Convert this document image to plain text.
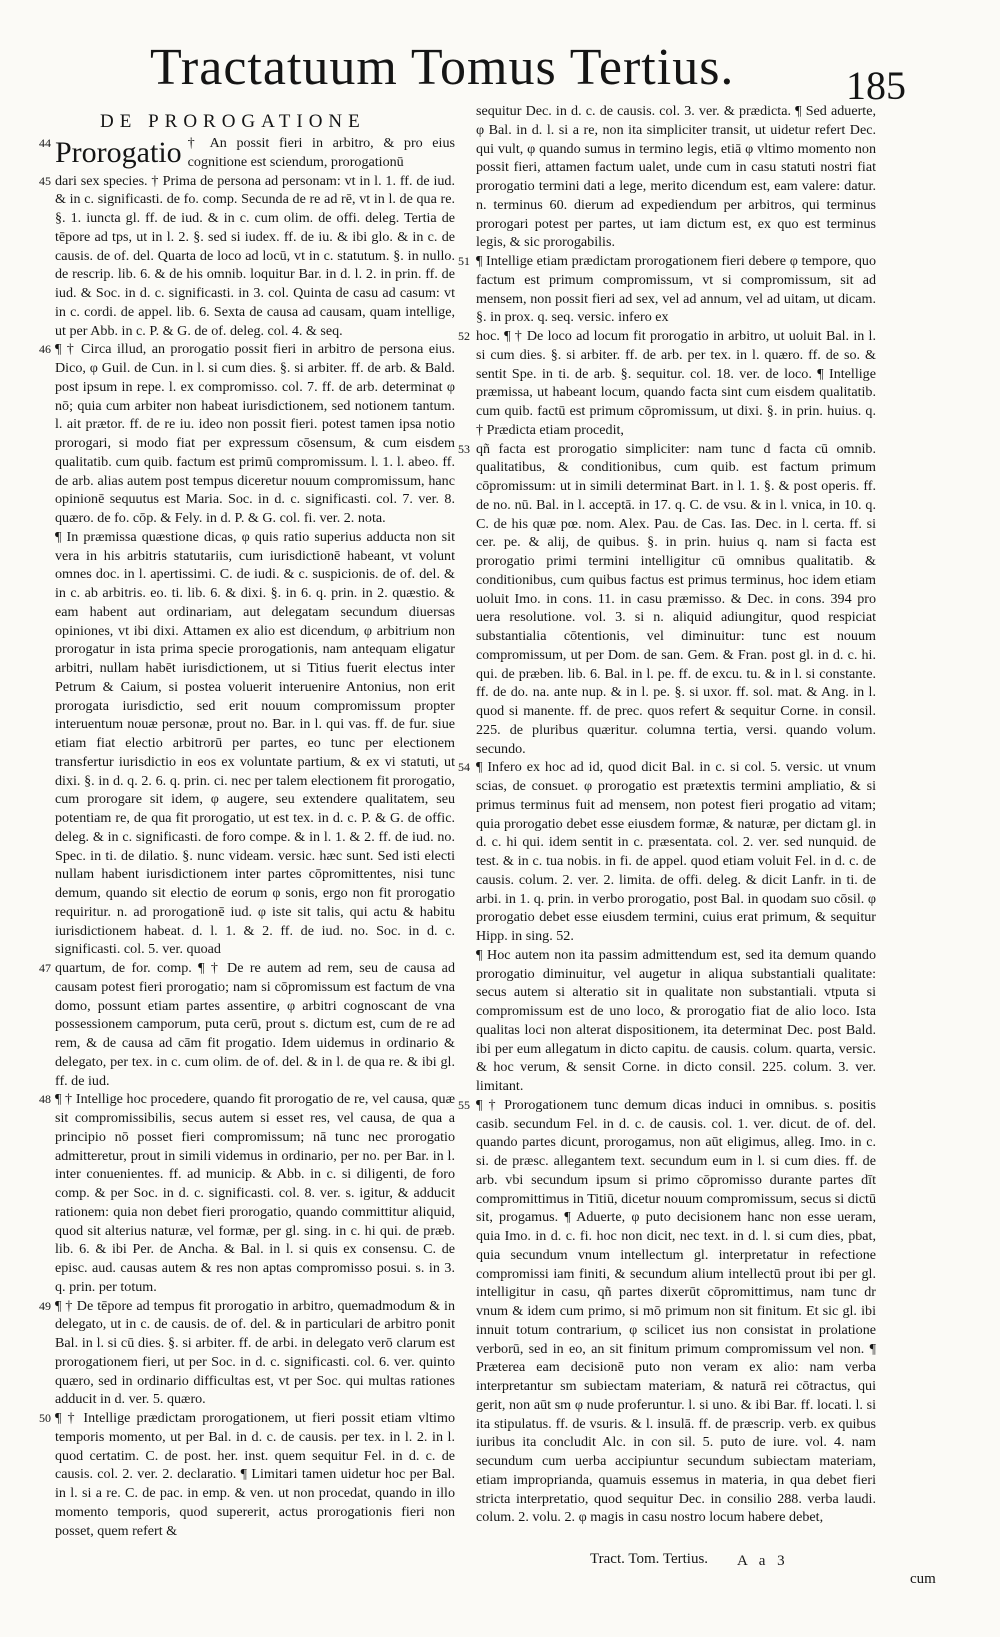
Tractatuum Tomus Tertius.	185
DE PROROGATIONE
Prorogatio

44	† An possit fieri in arbitro, & pro eius cognitione est sciendum, prorogationū

45 dari sex species. † Prima de persona ad personam: vt in l. 1. ff. de iud. & in c. significasti. de fo. comp. Secunda de re ad rē, vt in l. de qua re. §. 1. iuncta gl. ff. de iud. & in c. cum olim. de offi. deleg. Tertia de tēpore ad tps, ut in l. 2. §. sed si iudex. ff. de iu. & ibi glo. & in c. de causis. de of. del. Quarta de loco ad locū, vt in c. statutum. §. in nullo. de rescrip. lib. 6. & de his omnib. loquitur Bar. in d. l. 2. in prin. ff. de iud. & Soc. in d. c. significasti. in 3. col. Quinta de casu ad casum: vt in c. cordi. de appel. lib. 6. Sexta de causa ad causam, quam intellige, ut per Abb. in c. P. & G. de of. deleg. col. 4. & seq.

46 ¶ † Circa illud, an prorogatio possit fieri in arbitro de persona eius. Dico, φ Guil. de Cun. in l. si cum dies. §. si arbiter. ff. de arb. & Bald. post ipsum in repe. l. ex compromisso. col. 7. ff. de arb. determinat φ nō; quia cum arbiter non habeat iurisdictionem, sed notionem tantum. l. ait prætor. ff. de re iu. ideo non possit fieri. potest tamen ipsa notio prorogari, si modo fiat per expressum cōsensum, & cum eisdem qualitatib. cum quib. factum est primū compromissum. l. 1. l. abeo. ff. de arb. alias autem post tempus diceretur nouum compromissum, hanc opinionē sequutus est Maria. Soc. in d. c. significasti. col. 7. ver. 8. quæro. de fo. cōp. & Fely. in d. P. & G. col. fi. ver. 2. nota.

¶ In præmissa quæstione dicas, φ quis ratio superius adducta non sit vera in his arbitris statutariis, cum iurisdictionē habeant, vt volunt omnes doc. in l. apertissimi. C. de iudi. & c. suspicionis. de of. del. & in c. ab arbitris. eo. ti. lib. 6. & dixi. §. in 6. q. prin. in 2. quæstio. & eam habent aut ordinariam, aut delegatam secundum diuersas opiniones, vt ibi dixi. Attamen ex alio est dicendum, φ arbitrium non prorogatur in ista prima specie prorogationis, nam antequam eligatur arbitri, nullam habēt iurisdictionem, ut si Titius fuerit electus inter Petrum & Caium, si postea voluerit interuenire Antonius, non erit prorogata iurisdictio, sed erit nouum compromissum propter interuentum nouæ personæ, prout no. Bar. in l. qui vas. ff. de fur. siue etiam fiat electio arbitrorū per partes, eo tunc per electionem transfertur iurisdictio in eos ex voluntate partium, & ex vi statuti, ut dixi. §. in d. q. 2. 6. q. prin. ci. nec per talem electionem fit prorogatio, cum prorogare sit idem, φ augere, seu extendere qualitatem, seu potentiam re, de qua fit prorogatio, ut est tex. in d. c. P. & G. de offic. deleg. & in c. significasti. de foro compe. & in l. 1. & 2. ff. de iud. no. Spec. in ti. de dilatio. §. nunc videam. versic. hæc sunt. Sed isti electi nullam habent iurisdictionem inter partes cōpromittentes, nisi tunc demum, quando sit electio de eorum φ sonis, ergo non fit prorogatio requiritur. n. ad prorogationē iud. φ iste sit talis, qui actu & habitu iurisdictionem habeat. d. l. 1. & 2. ff. de iud. no. Soc. in d. c. significasti. col. 5. ver. quoad

47 quartum, de for. comp. ¶ † De re autem ad rem, seu de causa ad causam potest fieri prorogatio; nam si cōpromissum est factum de vna domo, possunt etiam partes assentire, φ arbitri cognoscant de vna possessionem camporum, puta cerū, prout s. dictum est, cum de re ad rem, & de causa ad cām fit progatio. Idem uidemus in ordinario & delegato, per tex. in c. cum olim. de of. del. & in l. de qua re. & ibi gl. ff. de iud.

48 ¶ † Intellige hoc procedere, quando fit prorogatio de re, vel causa, quæ sit compromissibilis, secus autem si esset res, vel causa, de qua a principio nō posset fieri compromissum; nā tunc nec prorogatio admitteretur, prout in simili videmus in ordinario, per no. per Bar. in l. inter conuenientes. ff. ad municip. & Abb. in c. si diligenti, de foro comp. & per Soc. in d. c. significasti. col. 8. ver. s. igitur, & adducit rationem: quia non debet fieri prorogatio, quando committitur aliquid, quod sit alterius naturæ, vel formæ, per gl. sing. in c. hi qui. de præb. lib. 6. & ibi Per. de Ancha. & Bal. in l. si quis ex consensu. C. de episc. aud. causas autem & res non aptas compromisso posui. s. in 3. q. prin. per totum.

49 ¶ † De tēpore ad tempus fit prorogatio in arbitro, quemadmodum & in delegato, ut in c. de causis. de of. del. & in particulari de arbitro ponit Bal. in l. si cū dies. §. si arbiter. ff. de arbi. in delegato verō clarum est prorogationem fieri, ut per Soc. in d. c. significasti. col. 6. ver. quinto quæro, sed in ordinario difficultas est, vt per Soc. qui multas rationes adducit in d. ver. 5. quæro.

50 ¶ † Intellige prædictam prorogationem, ut fieri possit etiam vltimo temporis momento, ut per Bal. in d. c. de causis. per tex. in l. 2. in l. quod certatim. C. de post. her. inst. quem sequitur Fel. in d. c. de causis. col. 2. ver. 2. declaratio. ¶ Limitari tamen uidetur hoc per Bal. in l. si a re. C. de pac. in emp. & ven. ut non procedat, quando in illo momento temporis, quod supererit, actus prorogationis fieri non posset, quem refert &

sequitur Dec. in d. c. de causis. col. 3. ver. & prædicta. ¶ Sed aduerte, φ Bal. in d. l. si a re, non ita simpliciter transit, ut uidetur refert Dec. qui vult, φ quando sumus in termino legis, etiā φ vltimo momento non possit fieri, attamen factum ualet, unde cum in casu statuti nostri fiat prorogatio termini dati a lege, merito dicendum est, eam valere: datur. n. terminus 60. dierum ad expediendum per arbitros, qui terminus prorogari potest per partes, ut iam dictum est, ex quo est terminus legis, & sic prorogabilis.

51 ¶ Intellige etiam prædictam prorogationem fieri debere φ tempore, quo factum est primum compromissum, vt si compromissum, sit ad mensem, non possit fieri ad sex, vel ad annum, vel ad uitam, ut dicam. §. in prox. q. seq. versic. infero ex

52 hoc. ¶ † De loco ad locum fit prorogatio in arbitro, ut uoluit Bal. in l. si cum dies. §. si arbiter. ff. de arb. per tex. in l. quæro. ff. de so. & sentit Spe. in ti. de arb. §. sequitur. col. 18. ver. de loco. ¶ Intellige præmissa, ut habeant locum, quando facta sint cum eisdem qualitatib. cum quib. factū est primum cōpromissum, ut dixi. §. in prin. huius. q. † Prædicta etiam procedit,

53 qñ facta est prorogatio simpliciter: nam tunc d facta cū omnib. qualitatibus, & conditionibus, cum quib. est factum primum cōpromissum: ut in simili determinat Bart. in l. 1. §. & post operis. ff. de no. nū. Bal. in l. acceptā. in 17. q. C. de vsu. & in l. vnica, in 10. q. C. de his quæ pœ. nom. Alex. Pau. de Cas. Ias. Dec. in l. certa. ff. si cer. pe. & alij, de quibus. §. in prin. huius q. nam si facta est prorogatio primi termini intelligitur cū omnibus qualitatib. & conditionibus, cum quibus factus est primus terminus, hoc idem etiam uoluit Imo. in cons. 11. in casu præmisso. & Dec. in cons. 394 pro uera resolutione. vol. 3. si n. aliquid adiungitur, quod respiciat substantialia cōtentionis, vel diminuitur: tunc est nouum compromissum, ut per Dom. de san. Gem. & Fran. post gl. in d. c. hi. qui. de præben. lib. 6. Bal. in l. pe. ff. de excu. tu. & in l. si constante. ff. de do. na. ante nup. & in l. pe. §. si uxor. ff. sol. mat. & Ang. in l. quod si manente. ff. de prec. quos refert & sequitur Corne. in consil. 225. de pluribus quæritur. columna tertia, versi. quando volum. secundo.

54 ¶ Infero ex hoc ad id, quod dicit Bal. in c. si col. 5. versic. ut vnum scias, de consuet. φ prorogatio est prætextis termini ampliatio, & si primus terminus fuit ad mensem, non potest fieri progatio ad vitam; quia prorogatio debet esse eiusdem formæ, & naturæ, per dictam gl. in d. c. hi qui. idem sentit in c. præsentata. col. 2. ver. sed nunquid. de test. & in c. tua nobis. in fi. de appel. quod etiam voluit Fel. in d. c. de causis. colum. 2. ver. 2. limita. de offi. deleg. & dicit Lanfr. in ti. de arbi. in 1. q. prin. in verbo prorogatio, post Bal. in quodam suo cōsil. φ prorogatio debet esse eiusdem termini, cuius erat primum, & sequitur Hipp. in sing. 52.

¶ Hoc autem non ita passim admittendum est, sed ita demum quando prorogatio diminuitur, vel augetur in aliqua substantiali qualitate: secus autem si alteratio sit in qualitate non substantiali. vtputa si compromissum est de uno loco, & prorogatio fiat de alio loco. Ista qualitas loci non alterat dispositionem, ita determinat Dec. post Bald. ibi per eum allegatum in dicto capitu. de causis. colum. quarta, versic. & hoc verum, & sensit Corne. in dicto consil. 225. colum. 3. ver. limitant.

55 ¶ † Prorogationem tunc demum dicas induci in omnibus. s. positis casib. secundum Fel. in d. c. de causis. col. 1. ver. dicut. de of. del. quando partes dicunt, prorogamus, non aūt eligimus, alleg. Imo. in c. si. de præsc. allegantem text. secundum eum in l. si cum dies. ff. de arb. vbi secundum ipsum si primo cōpromisso durante partes dīt compromittimus in Titiū, dicetur nouum compromissum, secus si dictū sit, progamus. ¶ Aduerte, φ puto decisionem hanc non esse ueram, quia Imo. in d. c. fi. hoc non dicit, nec text. in d. l. si cum dies, pbat, quia secundum vnum intellectum gl. interpretatur in refectione compromissi iam finiti, & secundum alium intellectū prout ibi per gl. intelligitur in casu, qñ partes dixerūt cōpromittimus, nam tunc dr vnum & idem cum primo, si mō primum non sit finitum. Et sic gl. ibi innuit totum contrarium, φ scilicet ius non consistat in prolatione verborū, sed in eo, an sit finitum primum compromissum vel non. ¶ Præterea eam decisionē puto non veram ex alio: nam verba interpretantur sm subiectam materiam, & naturā rei cōtractus, qui gerit, non aūt sm φ nude proferuntur. l. si uno. & ibi Bar. ff. locati. l. si ita stipulatus. ff. de vsuris. & l. insulā. ff. de præscrip. verb. ex quibus iuribus ita concludit Alc. in con sil. 5. puto de iure. vol. 4. nam secundum cum uerba accipiuntur secundum subiectam materiam, etiam improprianda, quamuis essemus in materia, in qua debet fieri stricta interpretatio, quod sequitur Dec. in consilio 288. verba laudi. colum. 2. volu. 2. φ magis in casu nostro locum habere debet,

Tract. Tom. Tertius. A a 3
cum
